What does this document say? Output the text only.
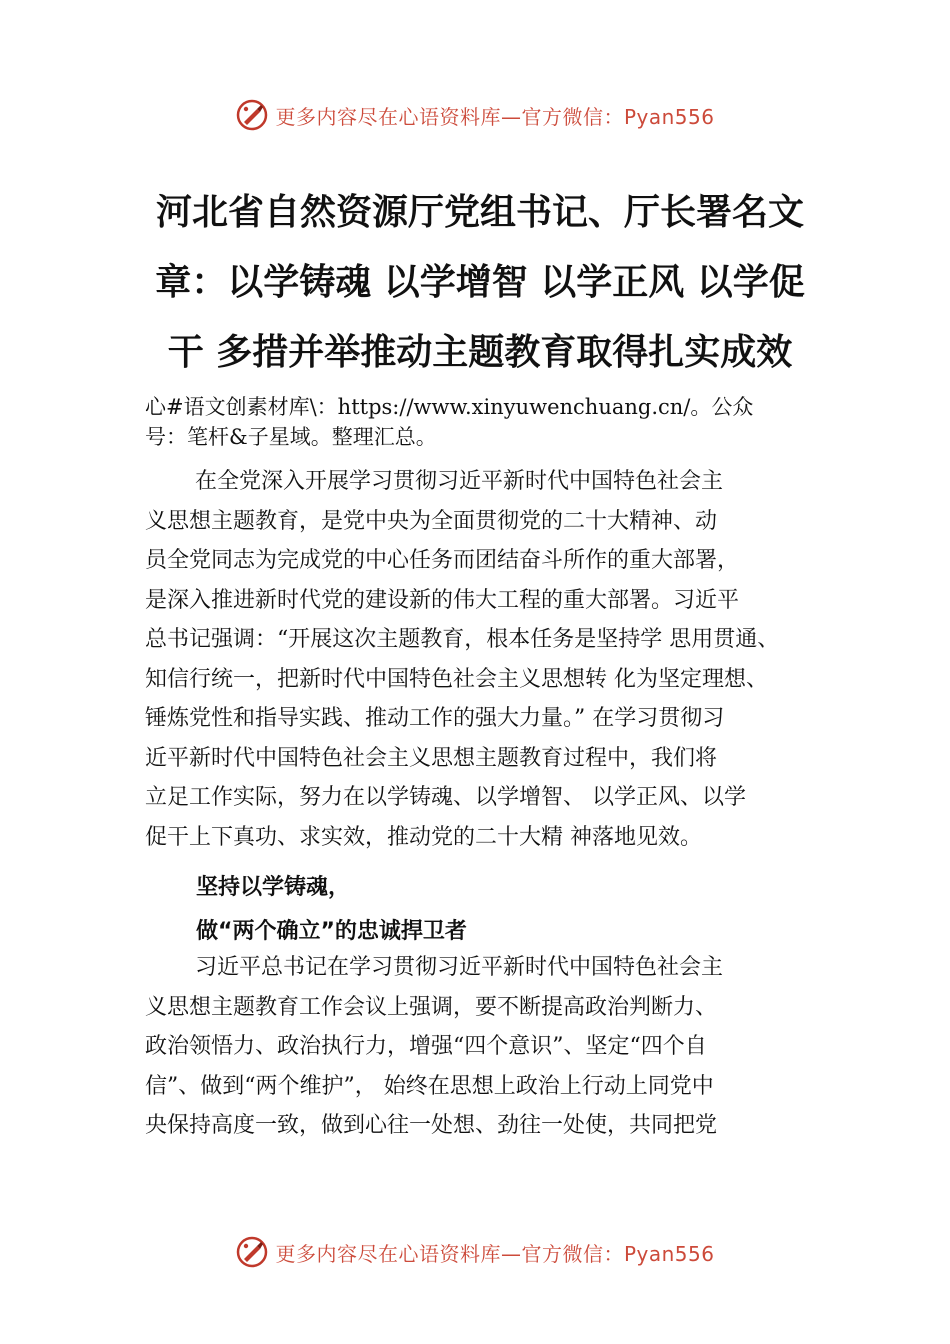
更多内容尽在心语资料库—官方微信：Pyan556
河北省自然资源厅党组书记、厅长署名文
章：以学铸魂 以学增智 以学正风 以学促
干 多措并举推动主题教育取得扎实成效
心#语文创素材库\：https://www.xinyuwenchuang.cn/。公众
号：笔杆&子星域。整理汇总。
在全党深入开展学习贯彻习近平新时代中国特色社会主
义思想主题教育，是党中央为全面贯彻党的二十大精神、动
员全党同志为完成党的中心任务而团结奋斗所作的重大部署，
是深入推进新时代党的建设新的伟大工程的重大部署。习近平
总书记强调：“开展这次主题教育，根本任务是坚持学 思用贯通、
知信行统一，把新时代中国特色社会主义思想转 化为坚定理想、
锤炼党性和指导实践、推动工作的强大力量。” 在学习贯彻习
近平新时代中国特色社会主义思想主题教育过程中，我们将
立足工作实际，努力在以学铸魂、以学增智、 以学正风、以学
促干上下真功、求实效，推动党的二十大精 神落地见效。
坚持以学铸魂，
做“两个确立”的忠诚捍卫者
习近平总书记在学习贯彻习近平新时代中国特色社会主
义思想主题教育工作会议上强调，要不断提高政治判断力、
政治领悟力、政治执行力，增强“四个意识”、坚定“四个自
信”、做到“两个维护”， 始终在思想上政治上行动上同党中
央保持高度一致，做到心往一处想、劲往一处使，共同把党
更多内容尽在心语资料库—官方微信：Pyan556
